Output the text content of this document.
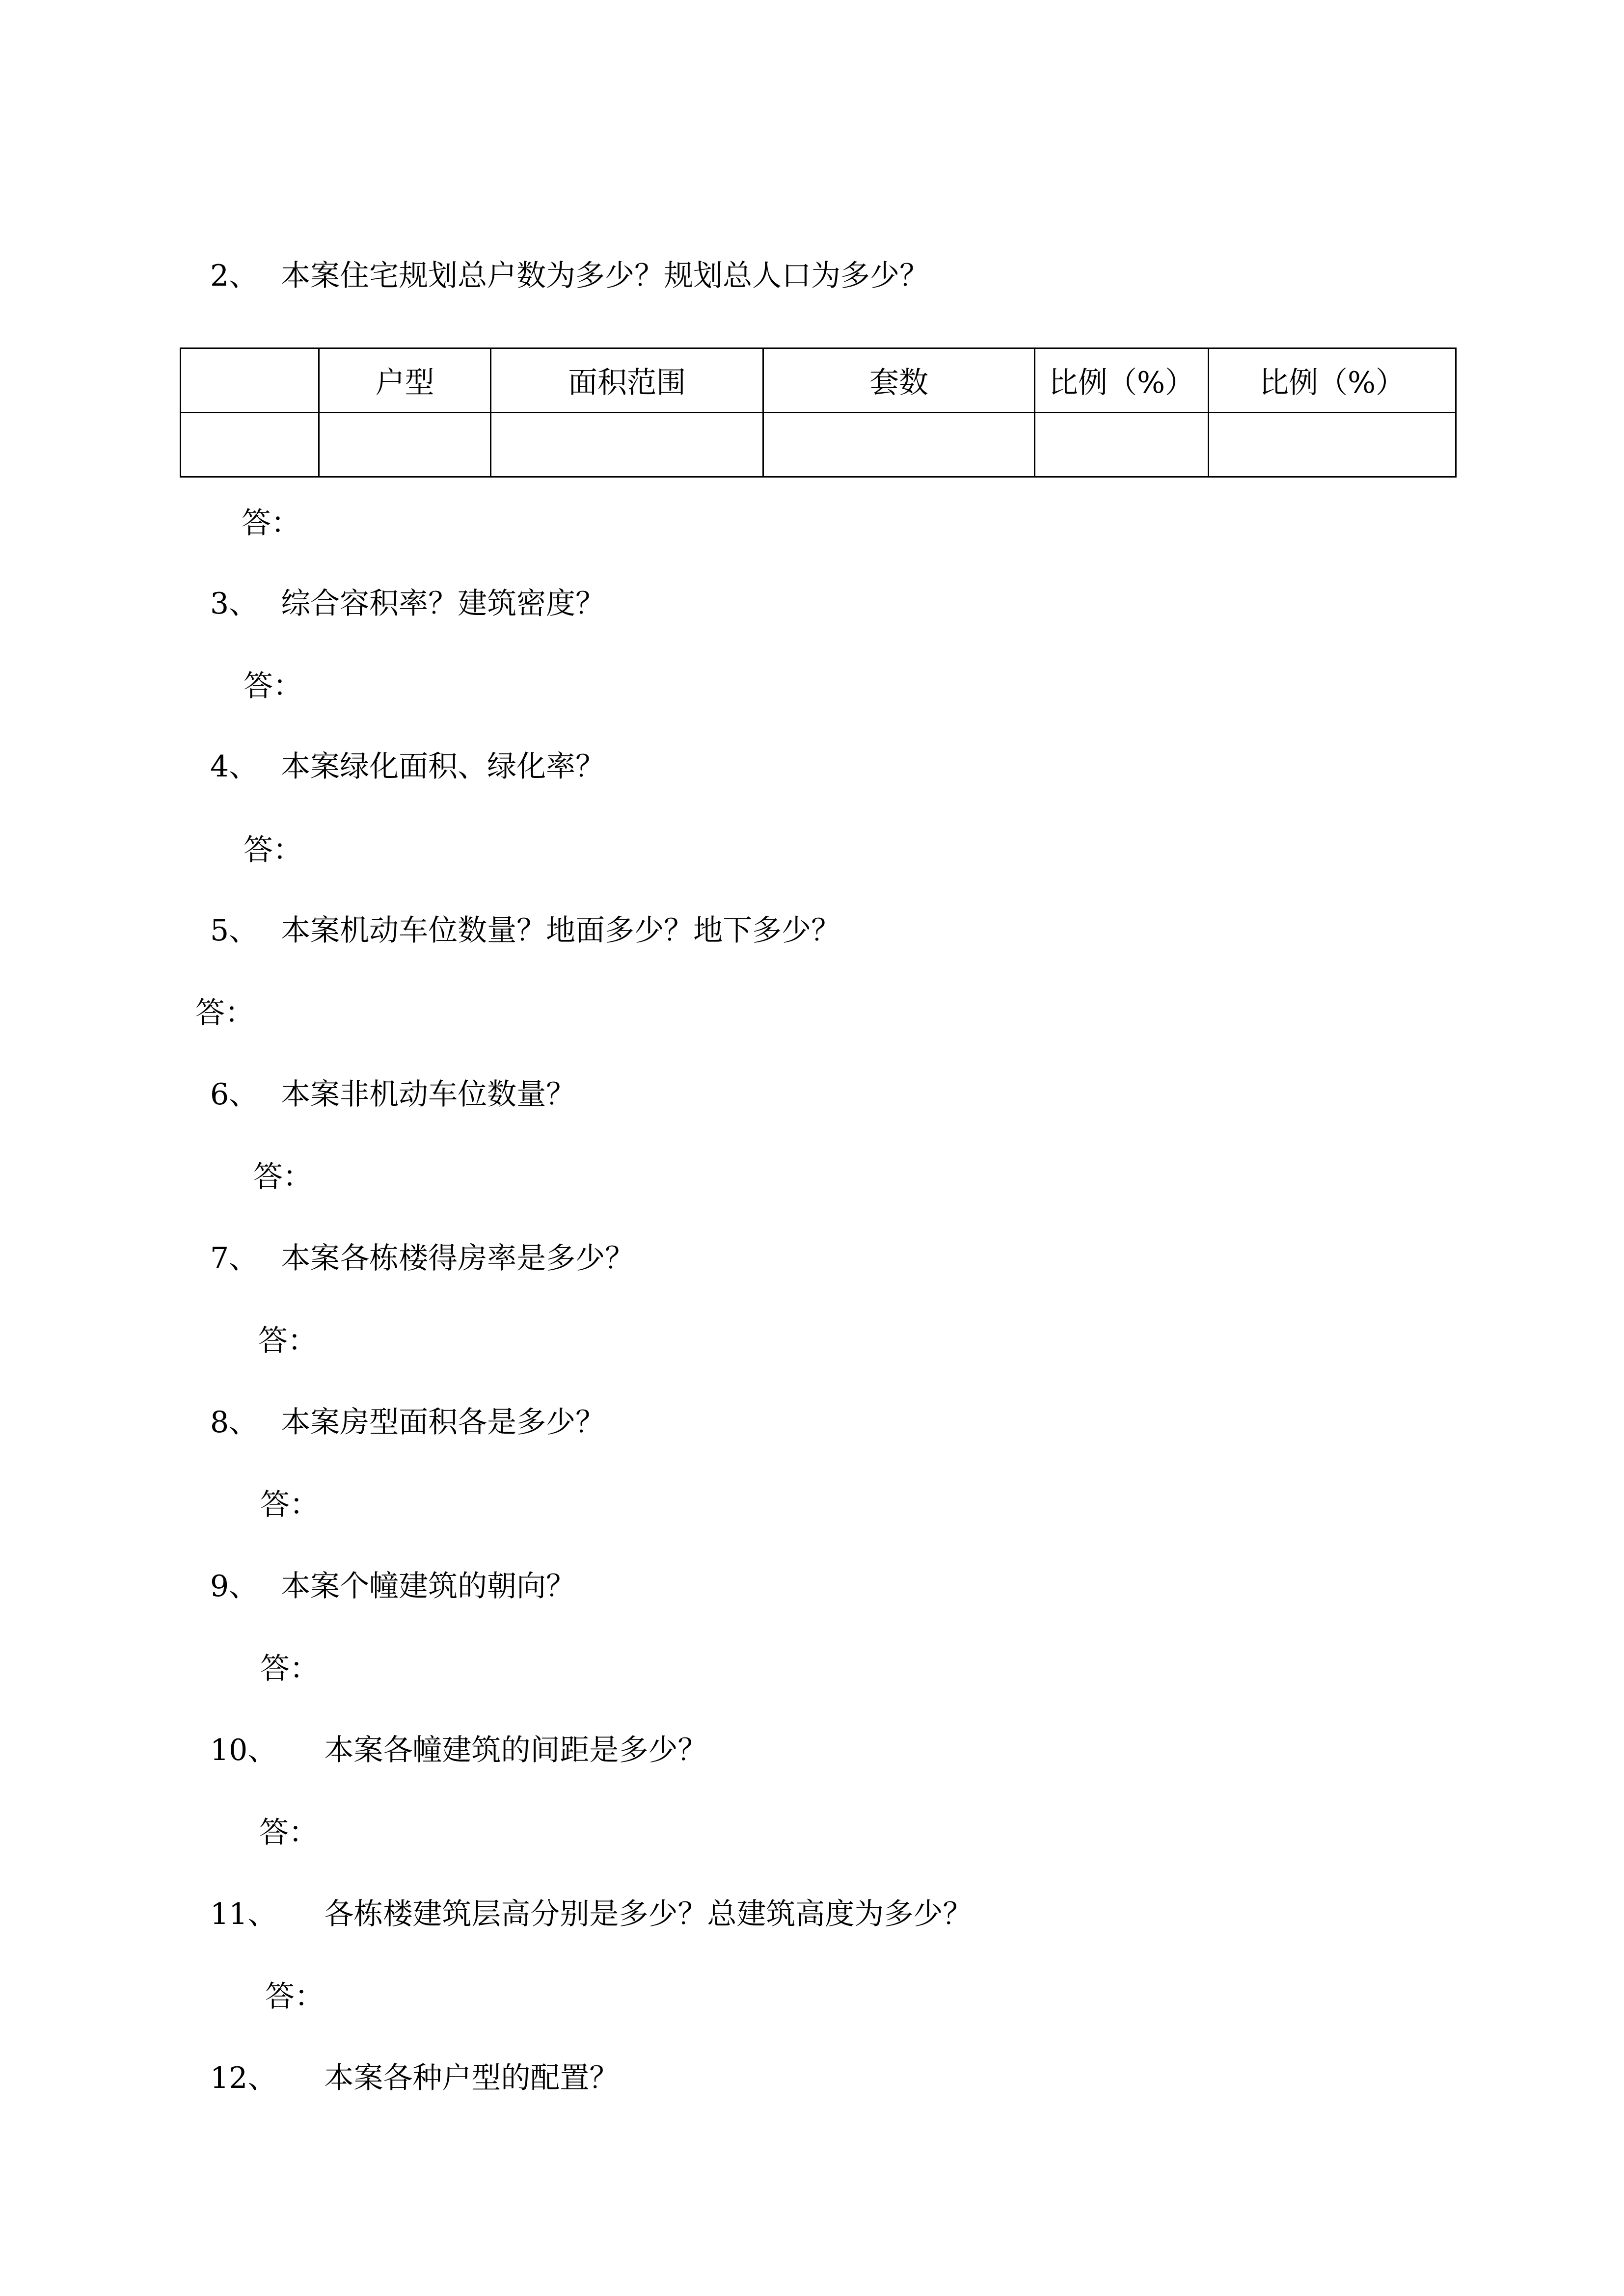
2、 本案住宅规划总户数为多少？规划总人口为多少？
	户型	面积范围	套数	比例（%）	比例（%）

答：
3、 综合容积率？建筑密度？
答：
4、 本案绿化面积、绿化率？
答：
5、 本案机动车位数量？地面多少？地下多少？
答：
6、 本案非机动车位数量？
答：
7、 本案各栋楼得房率是多少？
答：
8、 本案房型面积各是多少？
答：
9、 本案个幢建筑的朝向？
答：
10、 本案各幢建筑的间距是多少？
答：
11、 各栋楼建筑层高分别是多少？总建筑高度为多少？
答：
12、 本案各种户型的配置？
